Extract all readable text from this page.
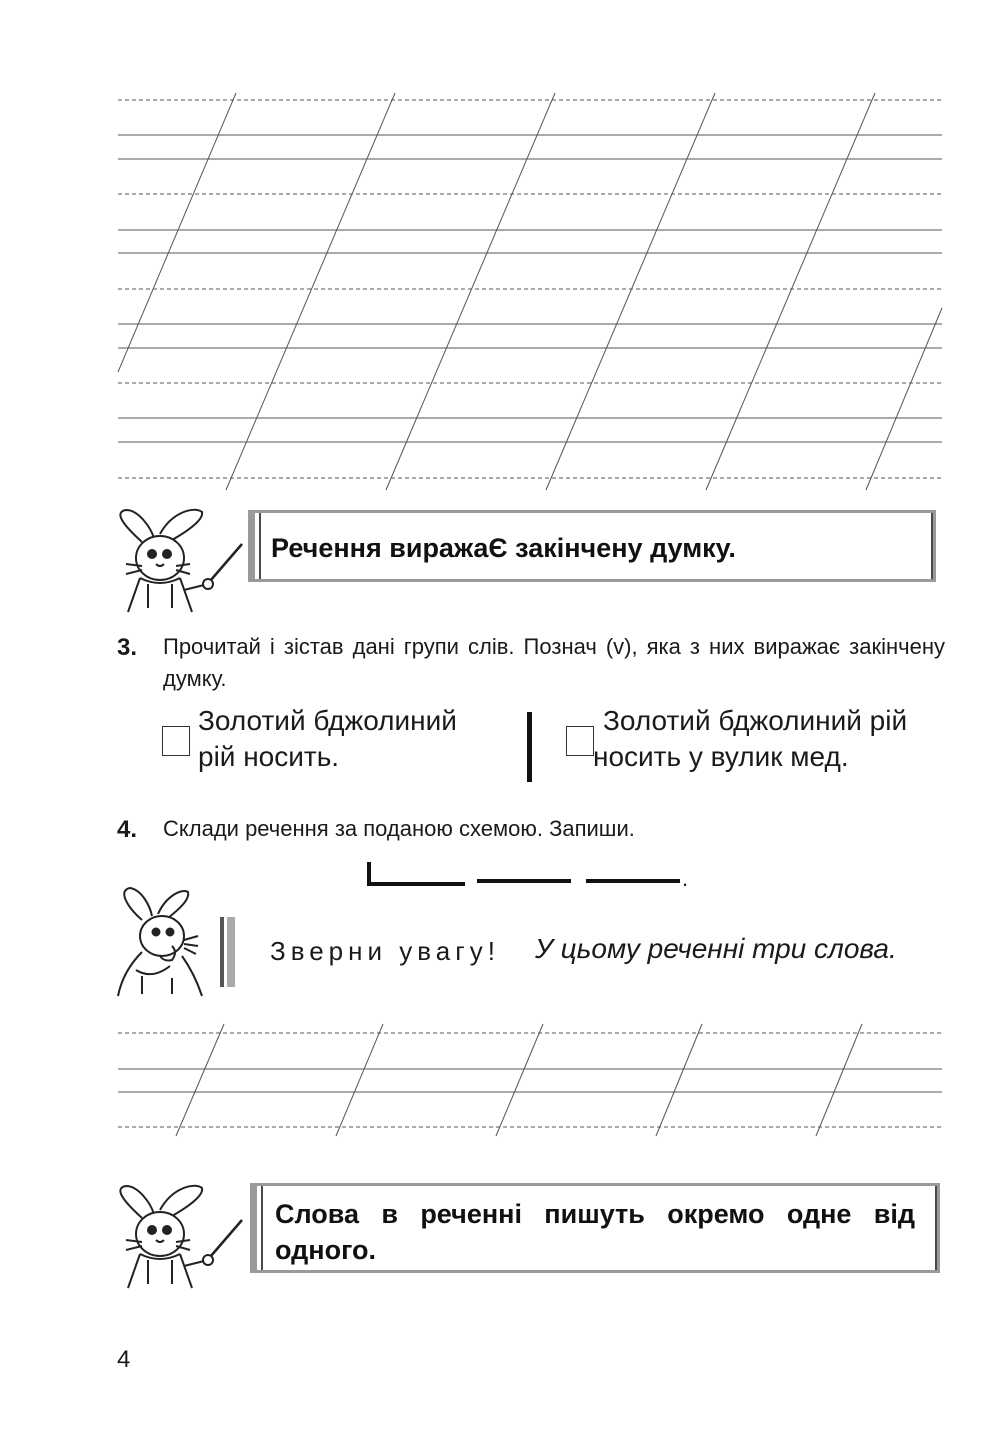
Речення виражаЄ закінчену думку.
3. Прочитай і зістав дані групи слів. Познач (v), яка з них виражає закінчену думку.
Золотий бджолиний
рій носить.
Золотий бджолиний рій
носить у вулик мед.
4. Склади речення за поданою схемою. Запиши.
.
Зверни увагу! У цьому реченні три слова.
Слова в реченні пишуть окремо одне від одного.
4
